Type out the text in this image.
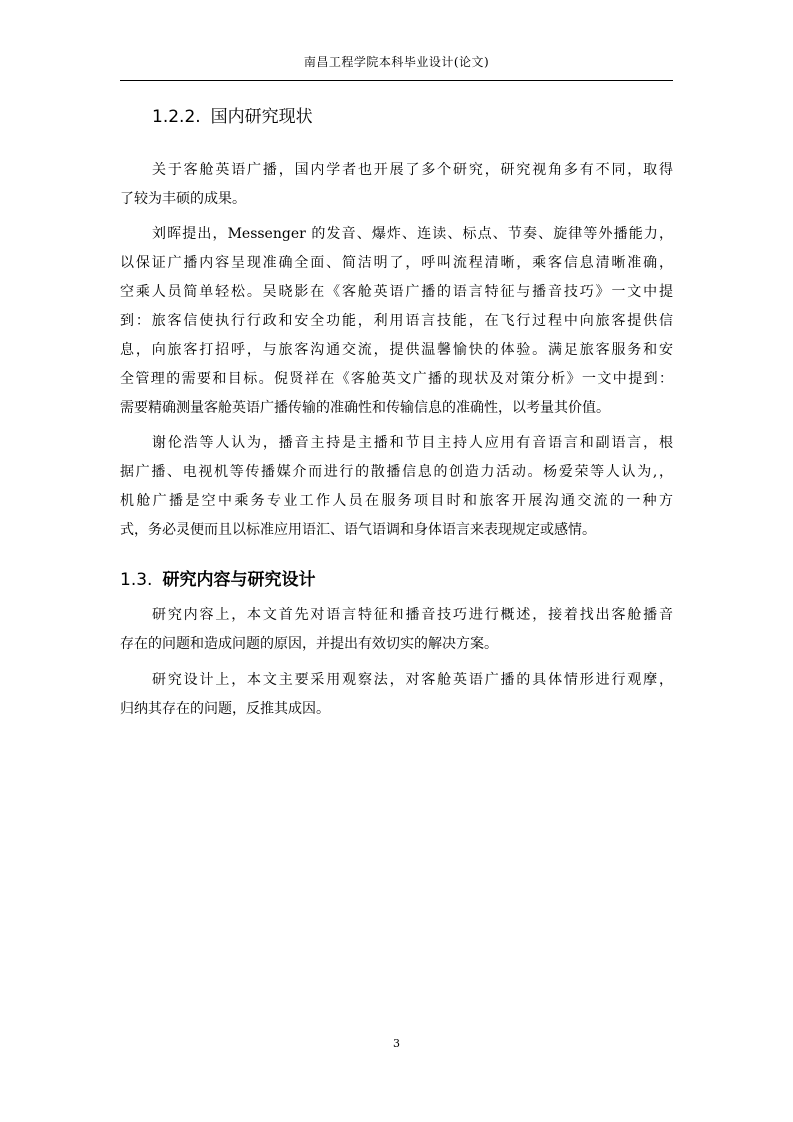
南昌工程学院本科毕业设计(论文)
1.2.2. 国内研究现状
关于客舱英语广播，国内学者也开展了多个研究，研究视角多有不同，取得
了较为丰硕的成果。
刘晖提出，Messenger 的发音、爆炸、连读、标点、节奏、旋律等外播能力，
以保证广播内容呈现准确全面、简洁明了，呼叫流程清晰，乘客信息清晰准确，
空乘人员简单轻松。吴晓影在《客舱英语广播的语言特征与播音技巧》一文中提
到：旅客信使执行行政和安全功能，利用语言技能，在飞行过程中向旅客提供信
息，向旅客打招呼，与旅客沟通交流，提供温馨愉快的体验。满足旅客服务和安
全管理的需要和目标。倪贤祥在《客舱英文广播的现状及对策分析》一文中提到：
需要精确测量客舱英语广播传输的准确性和传输信息的准确性，以考量其价值。
谢伦浩等人认为，播音主持是主播和节目主持人应用有音语言和副语言，根
据广播、电视机等传播媒介而进行的散播信息的创造力活动。杨爱荣等人认为,，
机舱广播是空中乘务专业工作人员在服务项目时和旅客开展沟通交流的一种方
式，务必灵便而且以标准应用语汇、语气语调和身体语言来表现规定或感情。
1.3. 研究内容与研究设计
研究内容上，本文首先对语言特征和播音技巧进行概述，接着找出客舱播音
存在的问题和造成问题的原因，并提出有效切实的解决方案。
研究设计上，本文主要采用观察法，对客舱英语广播的具体情形进行观摩，
归纳其存在的问题，反推其成因。
3
